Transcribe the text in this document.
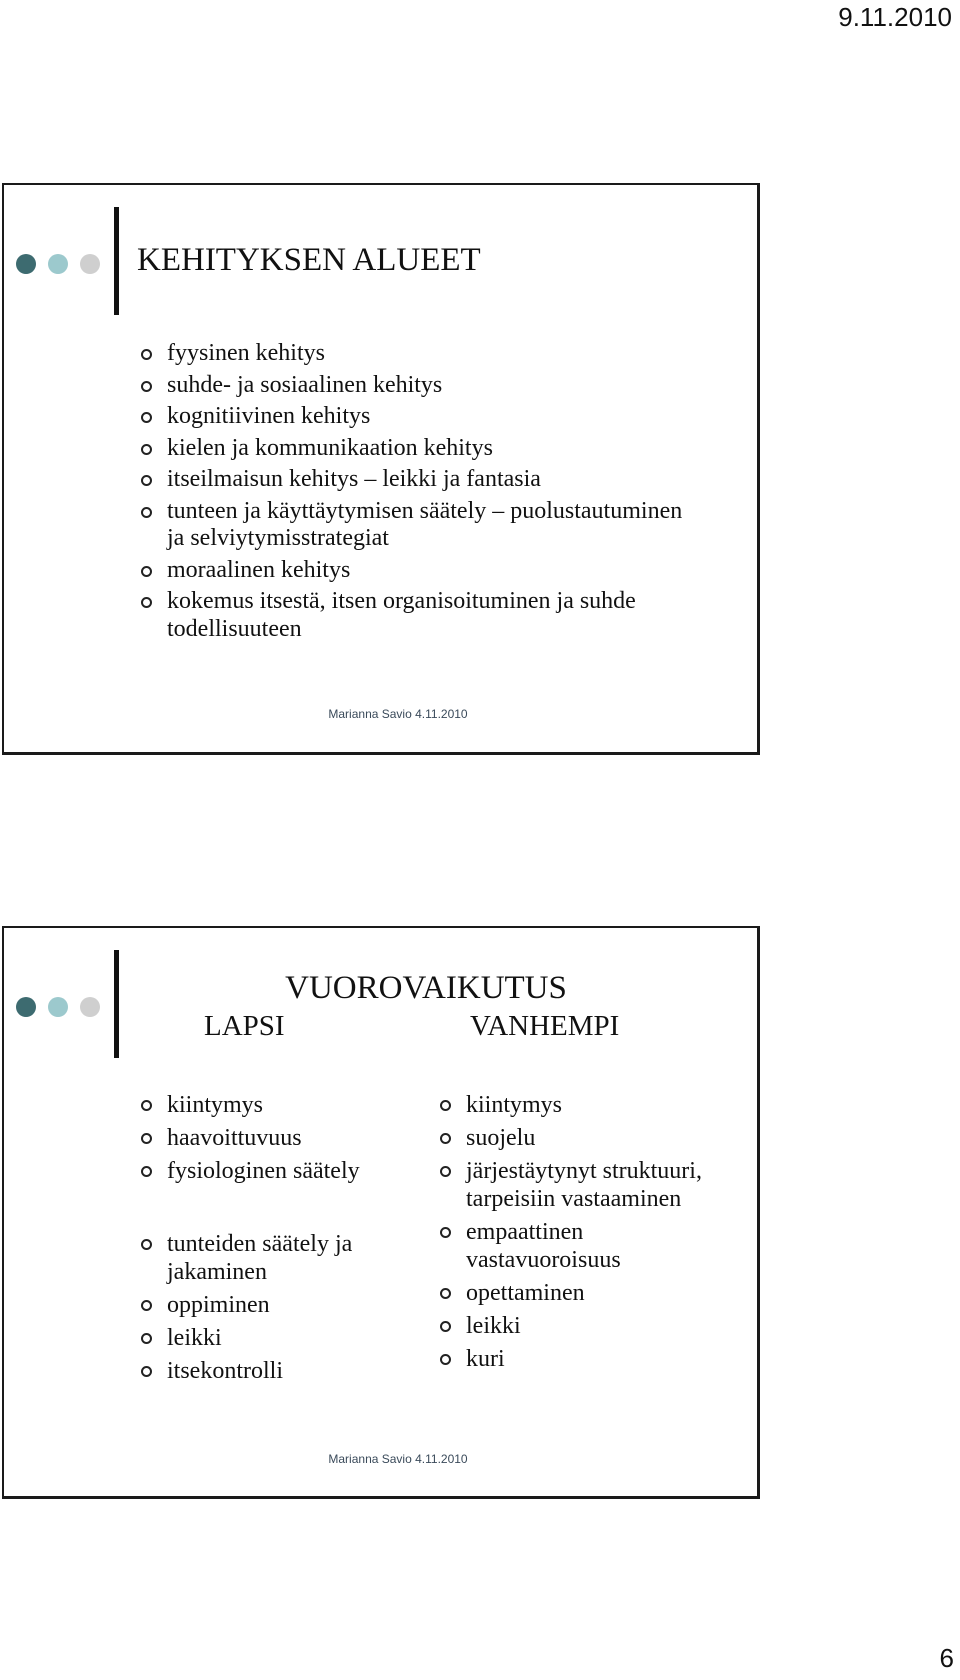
9.11.2010
KEHITYKSEN ALUEET
fyysinen kehitys
suhde- ja sosiaalinen kehitys
kognitiivinen kehitys
kielen ja kommunikaation kehitys
itseilmaisun kehitys – leikki ja fantasia
tunteen ja käyttäytymisen säätely – puolustautuminen ja selviytymisstrategiat
moraalinen kehitys
kokemus itsestä, itsen organisoituminen ja suhde todellisuuteen
Marianna Savio 4.11.2010
VUOROVAIKUTUS
LAPSI	VANHEMPI
kiintymys
haavoittuvuus
fysiologinen säätely
tunteiden säätely ja jakaminen
oppiminen
leikki
itsekontrolli
kiintymys
suojelu
järjestäytynyt struktuuri, tarpeisiin vastaaminen
empaattinen vastavuoroisuus
opettaminen
leikki
kuri
Marianna Savio 4.11.2010
6
